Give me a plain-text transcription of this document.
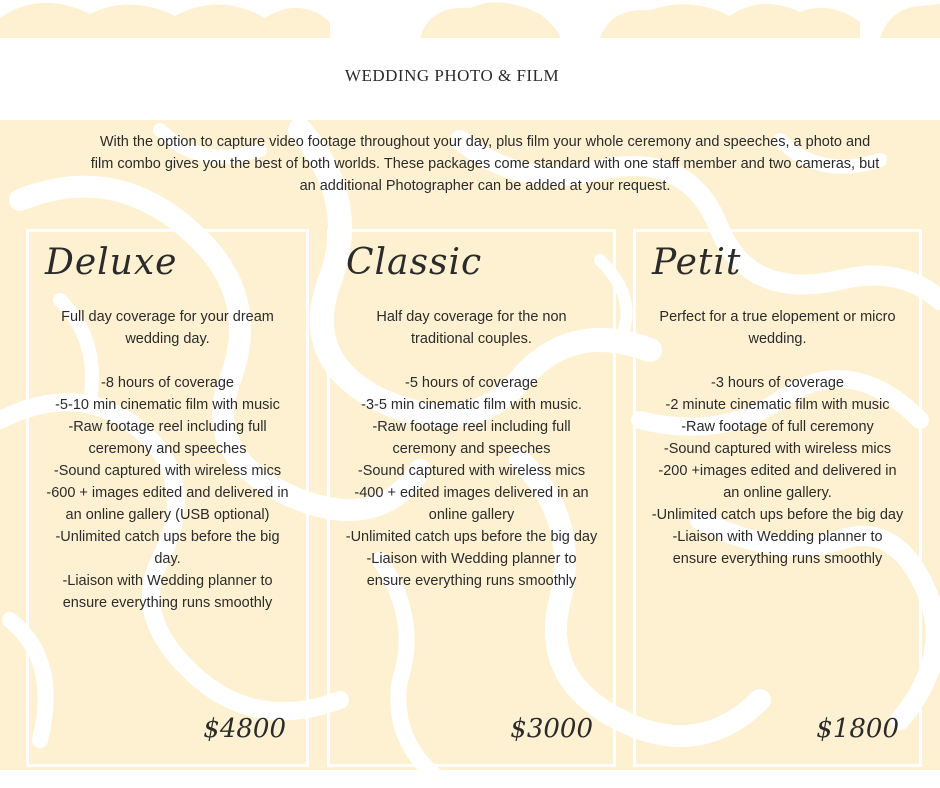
WEDDING PHOTO & FILM

With the option to capture video footage throughout your day, plus film your whole ceremony and speeches, a photo and film combo gives you the best of both worlds. These packages come standard with one staff member and two cameras, but an additional Photographer can be added at your request.

Deluxe

Full day coverage for your dream wedding day.

-8 hours of coverage

-5-10 min cinematic film with music

-Raw footage reel including full ceremony and speeches

-Sound captured with wireless mics

-600 + images edited and delivered in an online gallery (USB optional)

-Unlimited catch ups before the big day.

-Liaison with Wedding planner to ensure everything runs smoothly

$4800

Classic

Half day coverage for the non traditional couples.

-5 hours of coverage

-3-5 min cinematic film with music.

-Raw footage reel including full ceremony and speeches

-Sound captured with wireless mics

-400 + edited images delivered in an online gallery

-Unlimited catch ups before the big day

-Liaison with Wedding planner to ensure everything runs smoothly

$3000

Petit

Perfect for a true elopement or micro wedding.

-3 hours of coverage

-2 minute cinematic film with music

-Raw footage of full ceremony

-Sound captured with wireless mics

-200 +images edited and delivered in an online gallery.

-Unlimited catch ups before the big day

-Liaison with Wedding planner to ensure everything runs smoothly

$1800
